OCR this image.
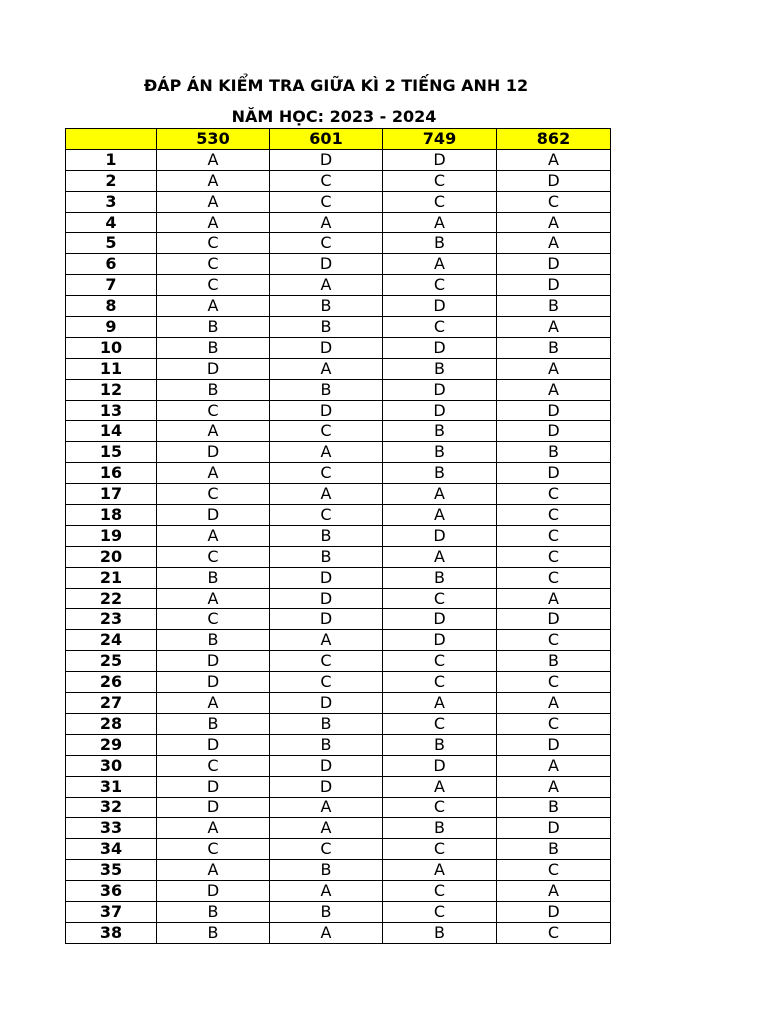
ĐÁP ÁN KIỂM TRA GIỮA KÌ 2 TIẾNG ANH 12

NĂM HỌC: 2023 - 2024

	530	601	749	862
1	A	D	D	A
2	A	C	C	D
3	A	C	C	C
4	A	A	A	A
5	C	C	B	A
6	C	D	A	D
7	C	A	C	D
8	A	B	D	B
9	B	B	C	A
10	B	D	D	B
11	D	A	B	A
12	B	B	D	A
13	C	D	D	D
14	A	C	B	D
15	D	A	B	B
16	A	C	B	D
17	C	A	A	C
18	D	C	A	C
19	A	B	D	C
20	C	B	A	C
21	B	D	B	C
22	A	D	C	A
23	C	D	D	D
24	B	A	D	C
25	D	C	C	B
26	D	C	C	C
27	A	D	A	A
28	B	B	C	C
29	D	B	B	D
30	C	D	D	A
31	D	D	A	A
32	D	A	C	B
33	A	A	B	D
34	C	C	C	B
35	A	B	A	C
36	D	A	C	A
37	B	B	C	D
38	B	A	B	C
